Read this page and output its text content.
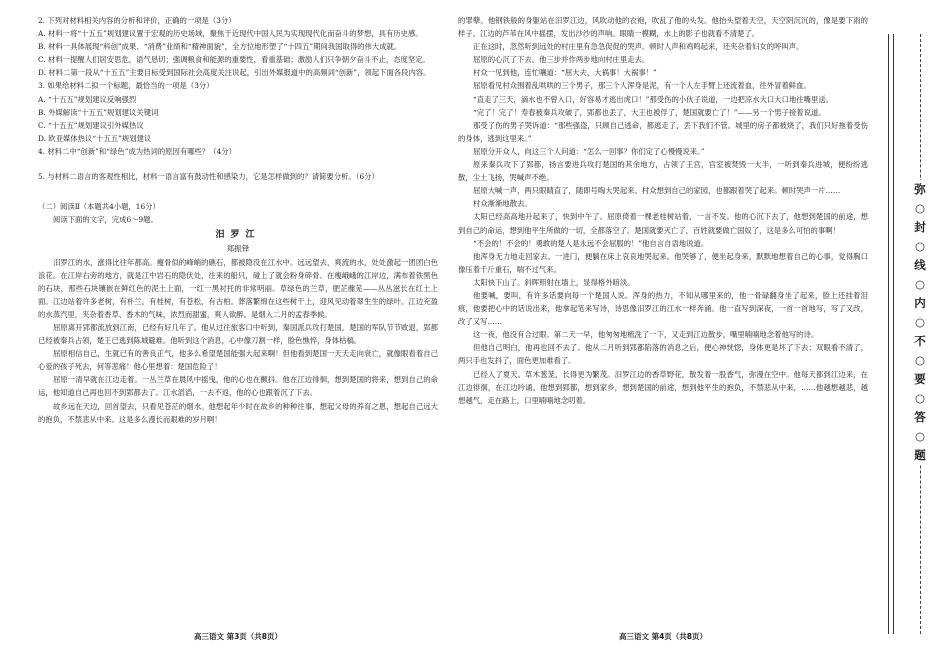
2. 下列对材料相关内容的分析和评价，正确的一项是（3分）

A. 材料一将“十五五”规划建议置于宏观的历史场域，聚焦于近现代中国人民为实现现代化而奋斗的梦想，具有历史感。

B. 材料一具体展现“科创”成果、“消费”业绩和“精神面貌”，全方位地形塑了“十四五”期间我国取得的伟大成就。

C. 材料一提醒人们居安思危，语气恳切；强调粮食和能源的重要性，看重基础；激励人们只争朝夕奋斗不止，态度坚定。

D. 材料二第一段从“十五五”主要目标受到国际社会高度关注说起，引出外媒报道中的高频词“创新”，领起下面各段内容。

3. 如果给材料二拟一个标题，最恰当的一项是（3分）

A. “十五五”规划建议反响强烈

B. 外媒解读“十五五”规划建议关键词

C. “十五五”规划建议引外媒热议

D. 欧亚媒体热议“十五五”规划建议

4. 材料二中“创新”和“绿色”成为热词的原因有哪些？（4分）

5. 与材料二语言的客观性相比，材料一语言富有鼓动性和感染力，它是怎样做到的？请简要分析。（6分）

（二）阅读Ⅱ（本题共4小题，16分）

阅读下面的文字，完成6～9题。

汨罗江

郑振铎

汨罗江的水，涨得比往年都高。瘦骨似的峰峭的礁石，都被隐没在江水中。远远望去，爽流的水，处处激起一团团白色浪花。在江岸右旁的地方，就是江中岩石的隐伏处，往来的船只，碰上了就会粉身碎骨。在瘦峨峨的江岸边，满布着铁黑色的石块，那些石块镶嵌在鲜红色的泥土上面，一红一黑衬托的非常明丽。草绿色的兰草，肥芷蘼芜——丛丛滋长在红土上面。江边站着许多老树，有朴兰，有桂树，有苍松，有古柏。葬落繁绵在这些树干上，迎风见动着翠生生的绿叶。江边充盈的水蒸汽里，夹杂着香草、香木的气味，浓烈而甜蜜，爽人欲醉。是烟入二月的孟春季候。

屈原离开郢都流放到江南，已经有好几年了。他从过往旅客口中听到，秦国派兵攻打楚国，楚国的军队节节败退，郢都已经被秦兵占领，楚王已逃到陈城避难。他听到这个消息，心中像刀割一样，脸色憔悴，身体枯槁。

屈原相信自己，生就已有的善良正气，他多么希望楚国能强大起来啊！但他看到楚国一天天走向衰亡，就像眼看着自己心爱的孩子死去，何等悲痛！他心里想着：楚国危险了！

屈原一清早就在江边走着。一丛兰草在晨风中摇曳，他的心也在颤抖。他在江边徘徊，想到楚国的将来，想到自己的命运，他知道自己再也回不到郢都去了。江水滔滔，一去不返，他的心也跟着沉了下去。

故乡远在天边，回首望去，只看见苍茫的烟水。他想起年少时在故乡的种种往事，想起父母的养育之恩，想起自己远大的抱负，不禁悲从中来。这是多么漫长而艰难的岁月啊！

高三语文 第3页（共8页）

的罪孽。他钢铁般的身躯站在汨罗江边，风吹动他的衣袍，吹乱了他的头发。他抬头望着天空，天空阴沉沉的，像是要下雨的样子。江边的芦苇在风中摇摆，发出沙沙的声响。眼睛一模糊，水上的影子也就看不清楚了。

正在这时，忽然听到远处的村庄里有急急促促的哭声。顿时人声和鸡鸣起来，还夹杂着妇女的呼叫声。

屈原的心沉了下去。他三步并作两步地向村庄里走去。

村众一见到他，连忙嚷道：“屈大夫，大祸事！大祸事！”

屈原看见村众围着乱哄哄的三个男子，那三个人浑身是泥，有一个人左手臂上还流着血，往外冒着鲜血。

“直走了三天，滴水也不曾入口，好容易才逃出虎口！”那受伤的小伙子说道，一边把凉水大口大口地往嘴里送。

“完了！完了！寿春被秦兵攻破了，郢都也丢了，大王也被俘了，楚国就要亡了！”——另一个男子接着说道。

那受了伤的男子哭诉道：“那些强盗，只顾自己逃命，都逃走了，丢下我们不管。城里的房子都被烧了，我们只好拖着受伤的身体，逃到这里来。”

屈原分开众人，向这三个人问道：“怎么一回事？你们定了心慢慢说来。”

原来秦兵攻下了郢都，扬言要进兵攻打楚国的其余地方，占领了王宫，宫室被焚毁一大半，一听到秦兵进城，便纷纷逃散，尘土飞扬，哭喊声不绝。

屈原大喊一声，两只眼睛直了，随即号啕大哭起来。村众想到自己的家园，也都跟着哭了起来。顿时哭声一片……

村众渐渐地散去。

太阳已经高高地升起来了，快到中午了。屈原倚着一棵老桂树站着，一言不发。他的心沉下去了，他想到楚国的前途，想到自己的命运，想到他平生所做的一切，全都落空了。楚国就要灭亡了，百姓就要做亡国奴了，这是多么可怕的事啊！

“不会的！不会的！勇敢的楚人是永远不会屈服的！”他自言自语地说道。

他浑身无力地走回家去。一进门，便躺在床上哀哀地哭起来。他哭够了，便坐起身来，默默地想着自己的心事，觉得胸口像压着千斤重石，喘不过气来。

太阳快下山了。斜晖照射在墙上，显得格外暗淡。

他要喊，要叫，有许多话要向每一个楚国人说。浑身的热力，不知从哪里来的，他一骨碌翻身坐了起来，脸上还挂着泪痕，他要把心中的话说出来，他拿起笔来写诗，诗思像汨罗江的江水一样奔涌。他一直写到深夜，一首一首地写，写了又改，改了又写……

这一夜，他没有合过眼。第二天一早，他匆匆地梳洗了一下，又走到江边散步，嘴里喃喃地念着他写的诗。

但他自己明白，他再也回不去了。他从二月听到郢都陷落的消息之后，便心神恍惚，身体更是坏了下去；双眼看不清了，两只手也发抖了，面色更加难看了。

已经入了夏天。草木葱茏，长得更为繁茂。汨罗江边的香草野花，散发着一股香气，弥漫在空中。他每天都到江边来，在江边徘徊，在江边吟诵。他想到郢都，想到家乡，想到楚国的前途，想到他平生的抱负，不禁悲从中来，……他越想越悲，越想越气，走在路上，口里喃喃地念叨着。

高三语文 第4页（共8页）
弥
○
封
○
线
○
内
○
不
○
要
○
答
○
题
